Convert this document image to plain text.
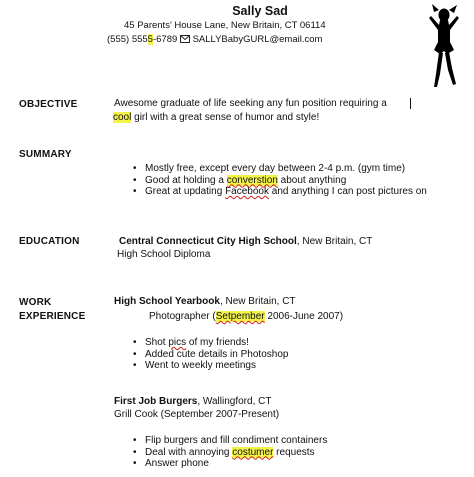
Sally Sad
45 Parents' House Lane, New Britain, CT 06114
(555) 5555-6789 SALLYBabyGURL@email.com
OBJECTIVE	Awesome graduate of life seeking any fun position requiring a
cool girl with a great sense of humor and style!
SUMMARY
• Mostly free, except every day between 2-4 p.m. (gym time)
• Good at holding a converstion about anything
• Great at updating Facebook and anything I can post pictures on
EDUCATION	Central Connecticut City High School, New Britain, CT
High School Diploma
WORK
EXPERIENCE
High School Yearbook, New Britain, CT
Photographer (Setpember 2006-June 2007)
• Shot pics of my friends!
• Added cute details in Photoshop
• Went to weekly meetings
First Job Burgers, Wallingford, CT
Grill Cook (September 2007-Present)
• Flip burgers and fill condiment containers
• Deal with annoying costumer requests
• Answer phone
